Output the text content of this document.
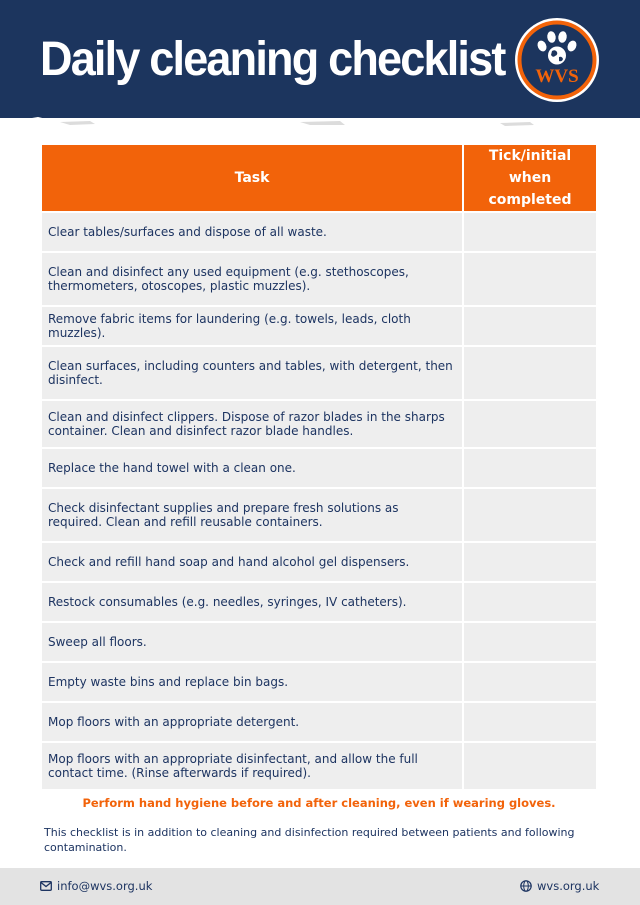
Daily cleaning checklist WVS
Task	Tick/initial when completed
Clear tables/surfaces and dispose of all waste.	
Clean and disinfect any used equipment (e.g. stethoscopes, thermometers, otoscopes, plastic muzzles).	
Remove fabric items for laundering (e.g. towels, leads, cloth muzzles).	
Clean surfaces, including counters and tables, with detergent, then disinfect.	
Clean and disinfect clippers. Dispose of razor blades in the sharps container. Clean and disinfect razor blade handles.	
Replace the hand towel with a clean one.	
Check disinfectant supplies and prepare fresh solutions as required. Clean and refill reusable containers.	
Check and refill hand soap and hand alcohol gel dispensers.	
Restock consumables (e.g. needles, syringes, IV catheters).	
Sweep all floors.	
Empty waste bins and replace bin bags.	
Mop floors with an appropriate detergent.	
Mop floors with an appropriate disinfectant, and allow the full contact time. (Rinse afterwards if required).	
Perform hand hygiene before and after cleaning, even if wearing gloves.
This checklist is in addition to cleaning and disinfection required between patients and following contamination.
info@wvs.org.uk	wvs.org.uk
